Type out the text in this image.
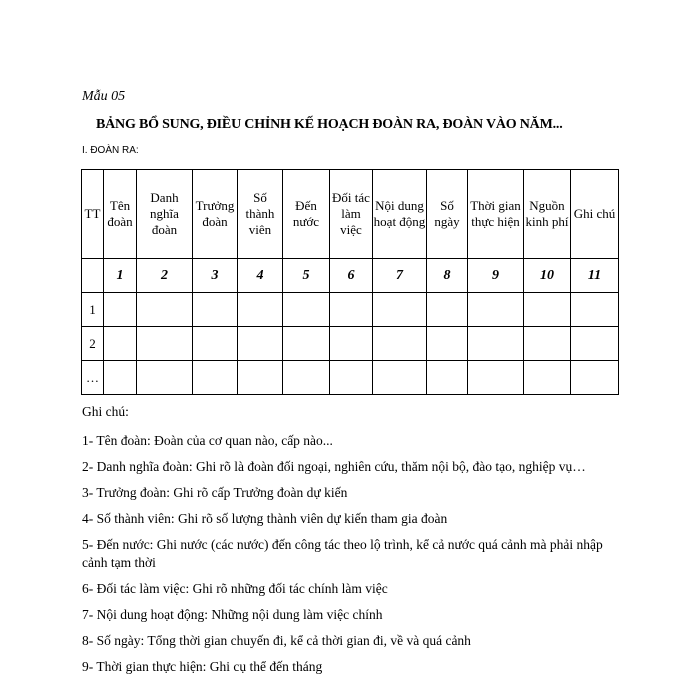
Mẫu 05
BẢNG BỔ SUNG, ĐIỀU CHỈNH KẾ HOẠCH ĐOÀN RA, ĐOÀN VÀO NĂM...
I. ĐOÀN RA:
TT	Tên đoàn	Danh nghĩa đoàn	Trưởng đoàn	Số thành viên	Đến nước	Đối tác làm việc	Nội dung hoạt động	Số ngày	Thời gian thực hiện	Nguồn kinh phí	Ghi chú
	1	2	3	4	5	6	7	8	9	10	11
1											
2											
…											
Ghi chú:
1- Tên đoàn: Đoàn của cơ quan nào, cấp nào...
2- Danh nghĩa đoàn: Ghi rõ là đoàn đối ngoại, nghiên cứu, thăm nội bộ, đào tạo, nghiệp vụ…
3- Trưởng đoàn: Ghi rõ cấp Trưởng đoàn dự kiến
4- Số thành viên: Ghi rõ số lượng thành viên dự kiến tham gia đoàn
5- Đến nước: Ghi nước (các nước) đến công tác theo lộ trình, kể cả nước quá cảnh mà phải nhập cảnh tạm thời
6- Đối tác làm việc: Ghi rõ những đối tác chính làm việc
7- Nội dung hoạt động: Những nội dung làm việc chính
8- Số ngày: Tổng thời gian chuyến đi, kể cả thời gian đi, về và quá cảnh
9- Thời gian thực hiện: Ghi cụ thể đến tháng
